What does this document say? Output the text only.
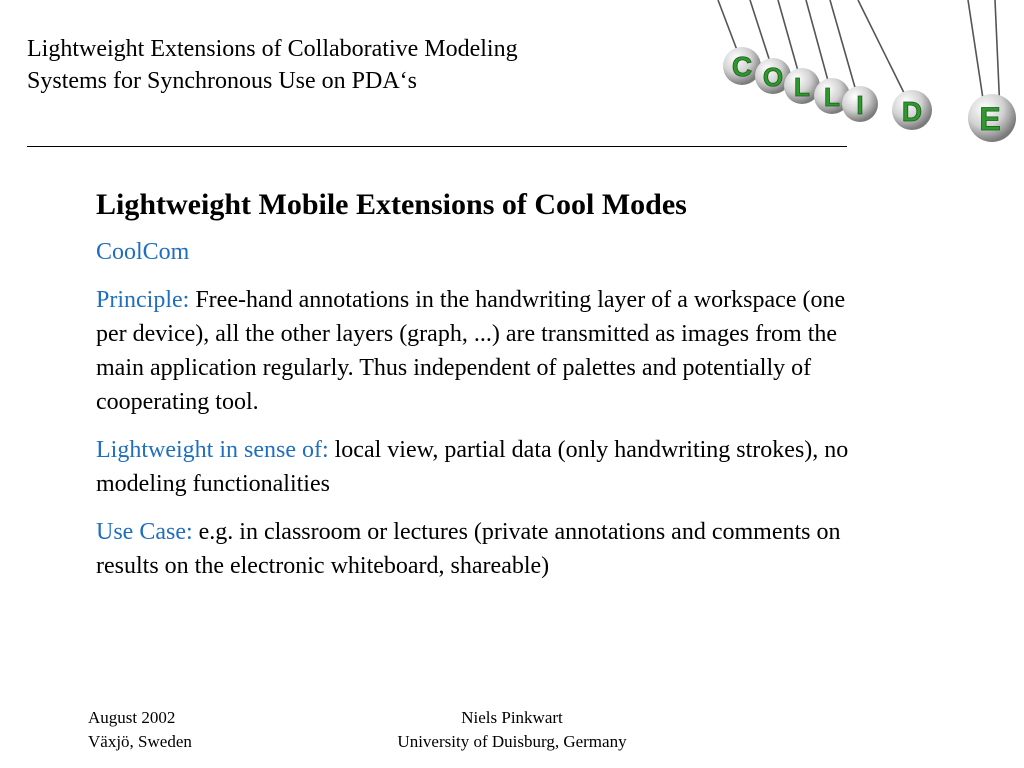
Lightweight Extensions of Collaborative Modeling
Systems for Synchronous Use on PDA‘s	C O L L I D E
Lightweight Mobile Extensions of Cool Modes

CoolCom

Principle: Free-hand annotations in the handwriting layer of a workspace (one per device), all the other layers (graph, ...) are transmitted as images from the main application regularly. Thus independent of palettes and potentially of cooperating tool.

Lightweight in sense of: local view, partial data (only handwriting strokes), no modeling functionalities

Use Case: e.g. in classroom or lectures (private annotations and comments on results on the electronic whiteboard, shareable)

August 2002
Växjö, Sweden
Niels Pinkwart
University of Duisburg, Germany
